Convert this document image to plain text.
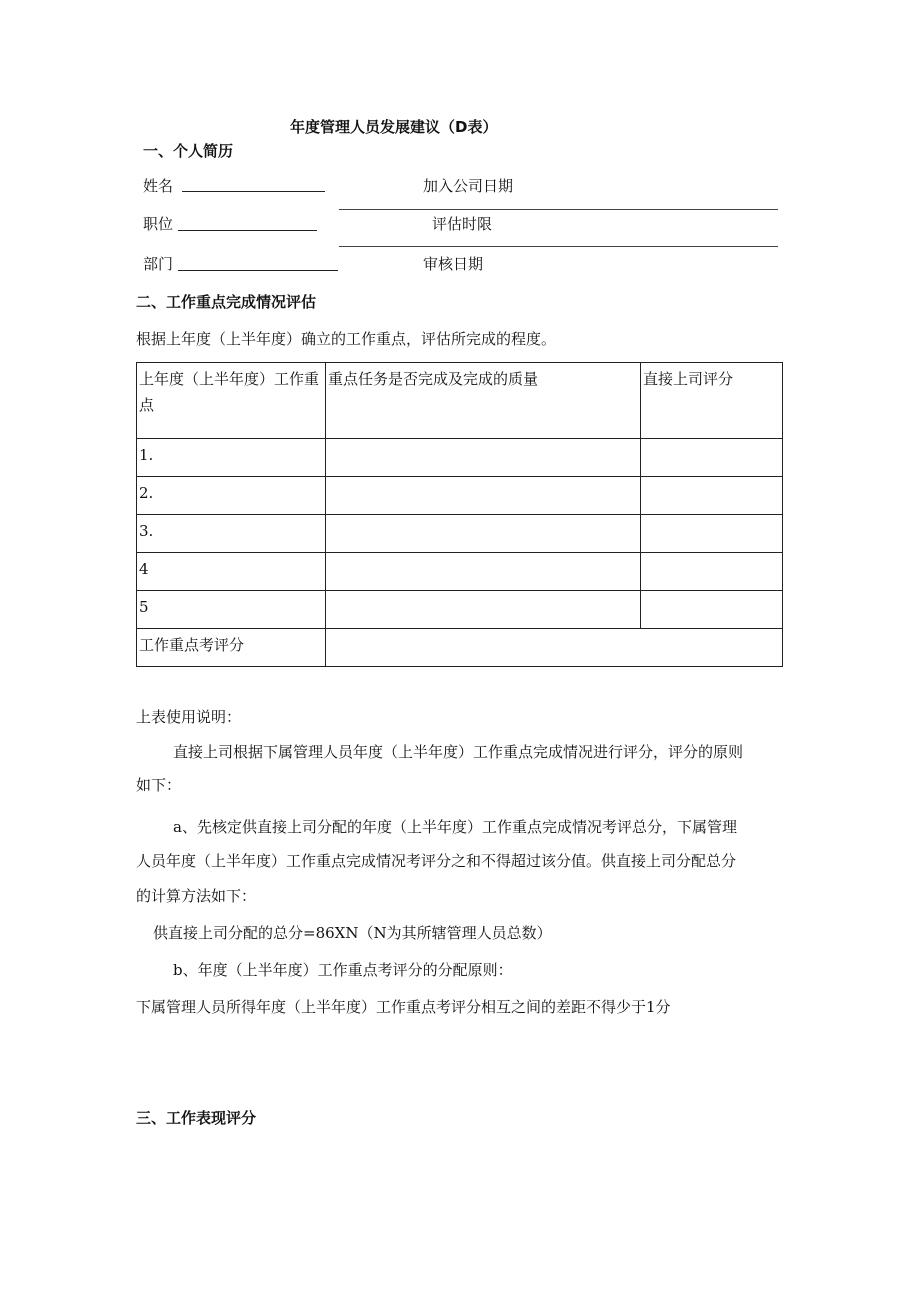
年度管理人员发展建议（D表）
一、个人简历
姓名	加入公司日期
职位	评估时限
部门	审核日期
二、工作重点完成情况评估
根据上年度（上半年度）确立的工作重点，评估所完成的程度。
上年度（上半年度）工作重点	重点任务是否完成及完成的质量	直接上司评分
1.		
2.		
3.		
4		
5		
工作重点考评分		
上表使用说明：
直接上司根据下属管理人员年度（上半年度）工作重点完成情况进行评分，评分的原则
如下：
a、先核定供直接上司分配的年度（上半年度）工作重点完成情况考评总分，下属管理
人员年度（上半年度）工作重点完成情况考评分之和不得超过该分值。供直接上司分配总分
的计算方法如下：
供直接上司分配的总分=86XN（N为其所辖管理人员总数）
b、年度（上半年度）工作重点考评分的分配原则：
下属管理人员所得年度（上半年度）工作重点考评分相互之间的差距不得少于1分
三、工作表现评分
